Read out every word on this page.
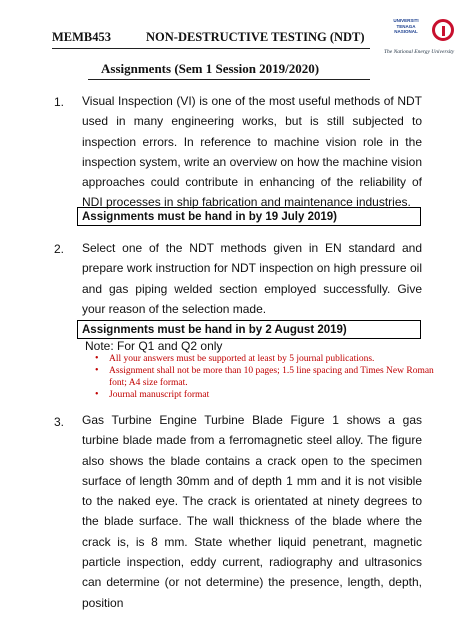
MEMB453	NON-DESTRUCTIVE TESTING (NDT)
UNIVERSITI
TENAGA
NASIONAL
The National Energy University
Assignments (Sem 1 Session 2019/2020)
1. Visual Inspection (VI) is one of the most useful methods of NDT used in many engineering works, but is still subjected to inspection errors. In reference to machine vision role in the inspection system, write an overview on how the machine vision approaches could contribute in enhancing of the reliability of NDI processes in ship fabrication and maintenance industries.
Assignments must be hand in by 19 July 2019)
2. Select one of the NDT methods given in EN standard and prepare work instruction for NDT inspection on high pressure oil and gas piping welded section employed successfully. Give your reason of the selection made.
Assignments must be hand in by 2 August 2019)
Note: For Q1 and Q2 only
• All your answers must be supported at least by 5 journal publications.
• Assignment shall not be more than 10 pages; 1.5 line spacing and Times New Roman font; A4 size format.
• Journal manuscript format
3. Gas Turbine Engine Turbine Blade Figure 1 shows a gas turbine blade made from a ferromagnetic steel alloy. The figure also shows the blade contains a crack open to the specimen surface of length 30mm and of depth 1 mm and it is not visible to the naked eye. The crack is orientated at ninety degrees to the blade surface. The wall thickness of the blade where the crack is, is 8 mm. State whether liquid penetrant, magnetic particle inspection, eddy current, radiography and ultrasonics can determine (or not determine) the presence, length, depth, position
